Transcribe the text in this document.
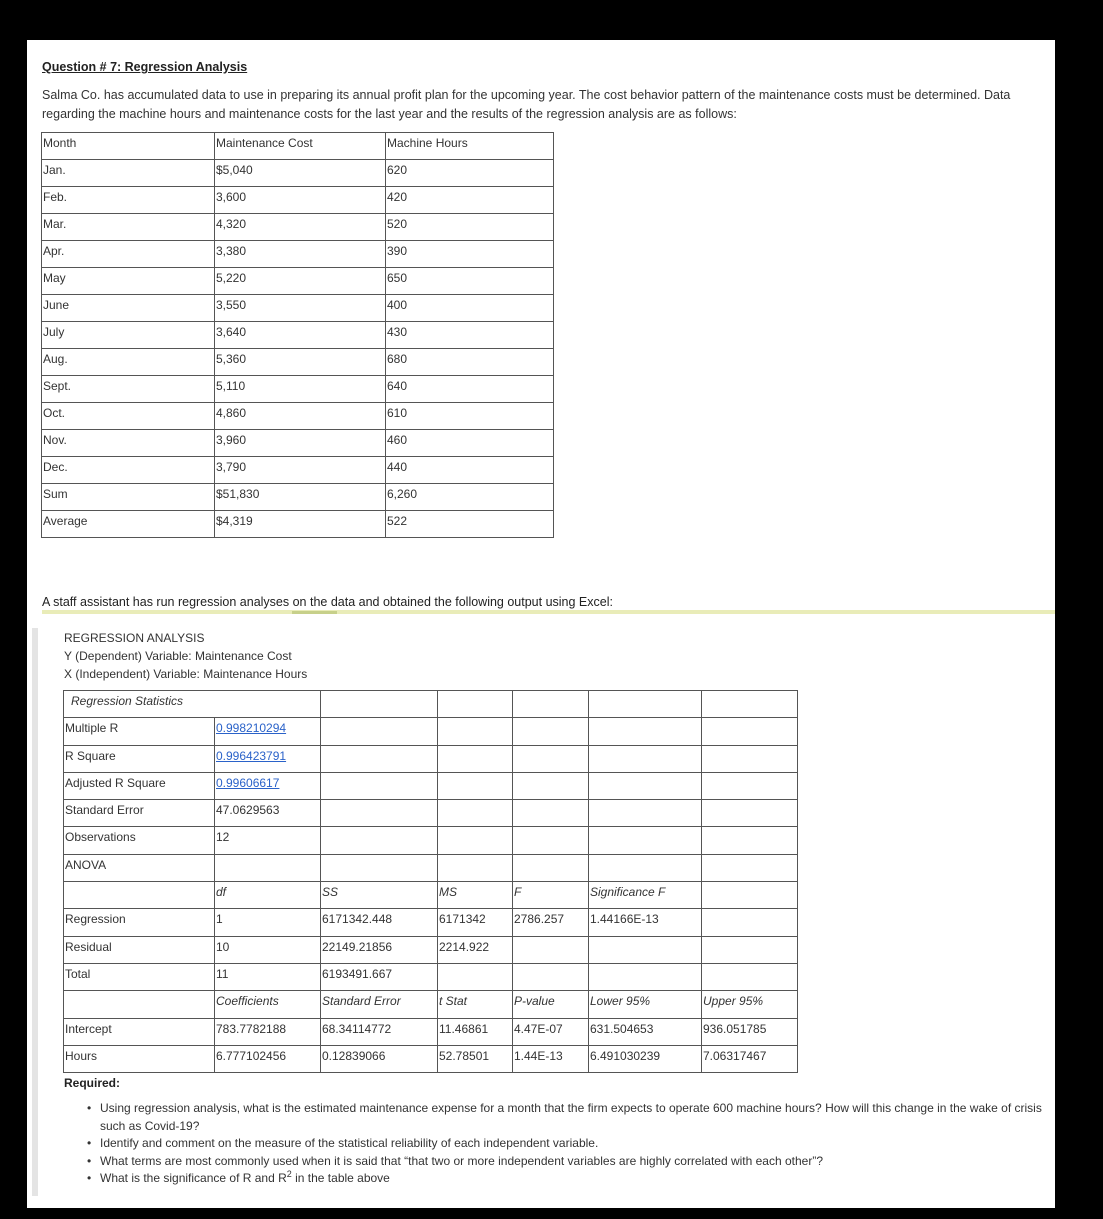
Question # 7: Regression Analysis
Salma Co. has accumulated data to use in preparing its annual profit plan for the upcoming year. The cost behavior pattern of the maintenance costs must be determined. Data regarding the machine hours and maintenance costs for the last year and the results of the regression analysis are as follows:
Month	Maintenance Cost	Machine Hours
Jan.	$5,040	620
Feb.	3,600	420
Mar.	4,320	520
Apr.	3,380	390
May	5,220	650
June	3,550	400
July	3,640	430
Aug.	5,360	680
Sept.	5,110	640
Oct.	4,860	610
Nov.	3,960	460
Dec.	3,790	440
Sum	$51,830	6,260
Average	$4,319	522
A staff assistant has run regression analyses on the data and obtained the following output using Excel:
REGRESSION ANALYSIS
Y (Dependent) Variable: Maintenance Cost
X (Independent) Variable: Maintenance Hours
Regression Statistics						
Multiple R	0.998210294					
R Square	0.996423791					
Adjusted R Square	0.99606617					
Standard Error	47.0629563					
Observations	12					
ANOVA						
	df	SS	MS	F	Significance F	
Regression	1	6171342.448	6171342	2786.257	1.44166E-13	
Residual	10	22149.21856	2214.922			
Total	11	6193491.667				
	Coefficients	Standard Error	t Stat	P-value	Lower 95%	Upper 95%
Intercept	783.7782188	68.34114772	11.46861	4.47E-07	631.504653	936.051785
Hours	6.777102456	0.12839066	52.78501	1.44E-13	6.491030239	7.06317467
Required:
• Using regression analysis, what is the estimated maintenance expense for a month that the firm expects to operate 600 machine hours? How will this change in the wake of crisis such as Covid-19?
• Identify and comment on the measure of the statistical reliability of each independent variable.
• What terms are most commonly used when it is said that “that two or more independent variables are highly correlated with each other”?
• What is the significance of R and $R^2$ in the table above
